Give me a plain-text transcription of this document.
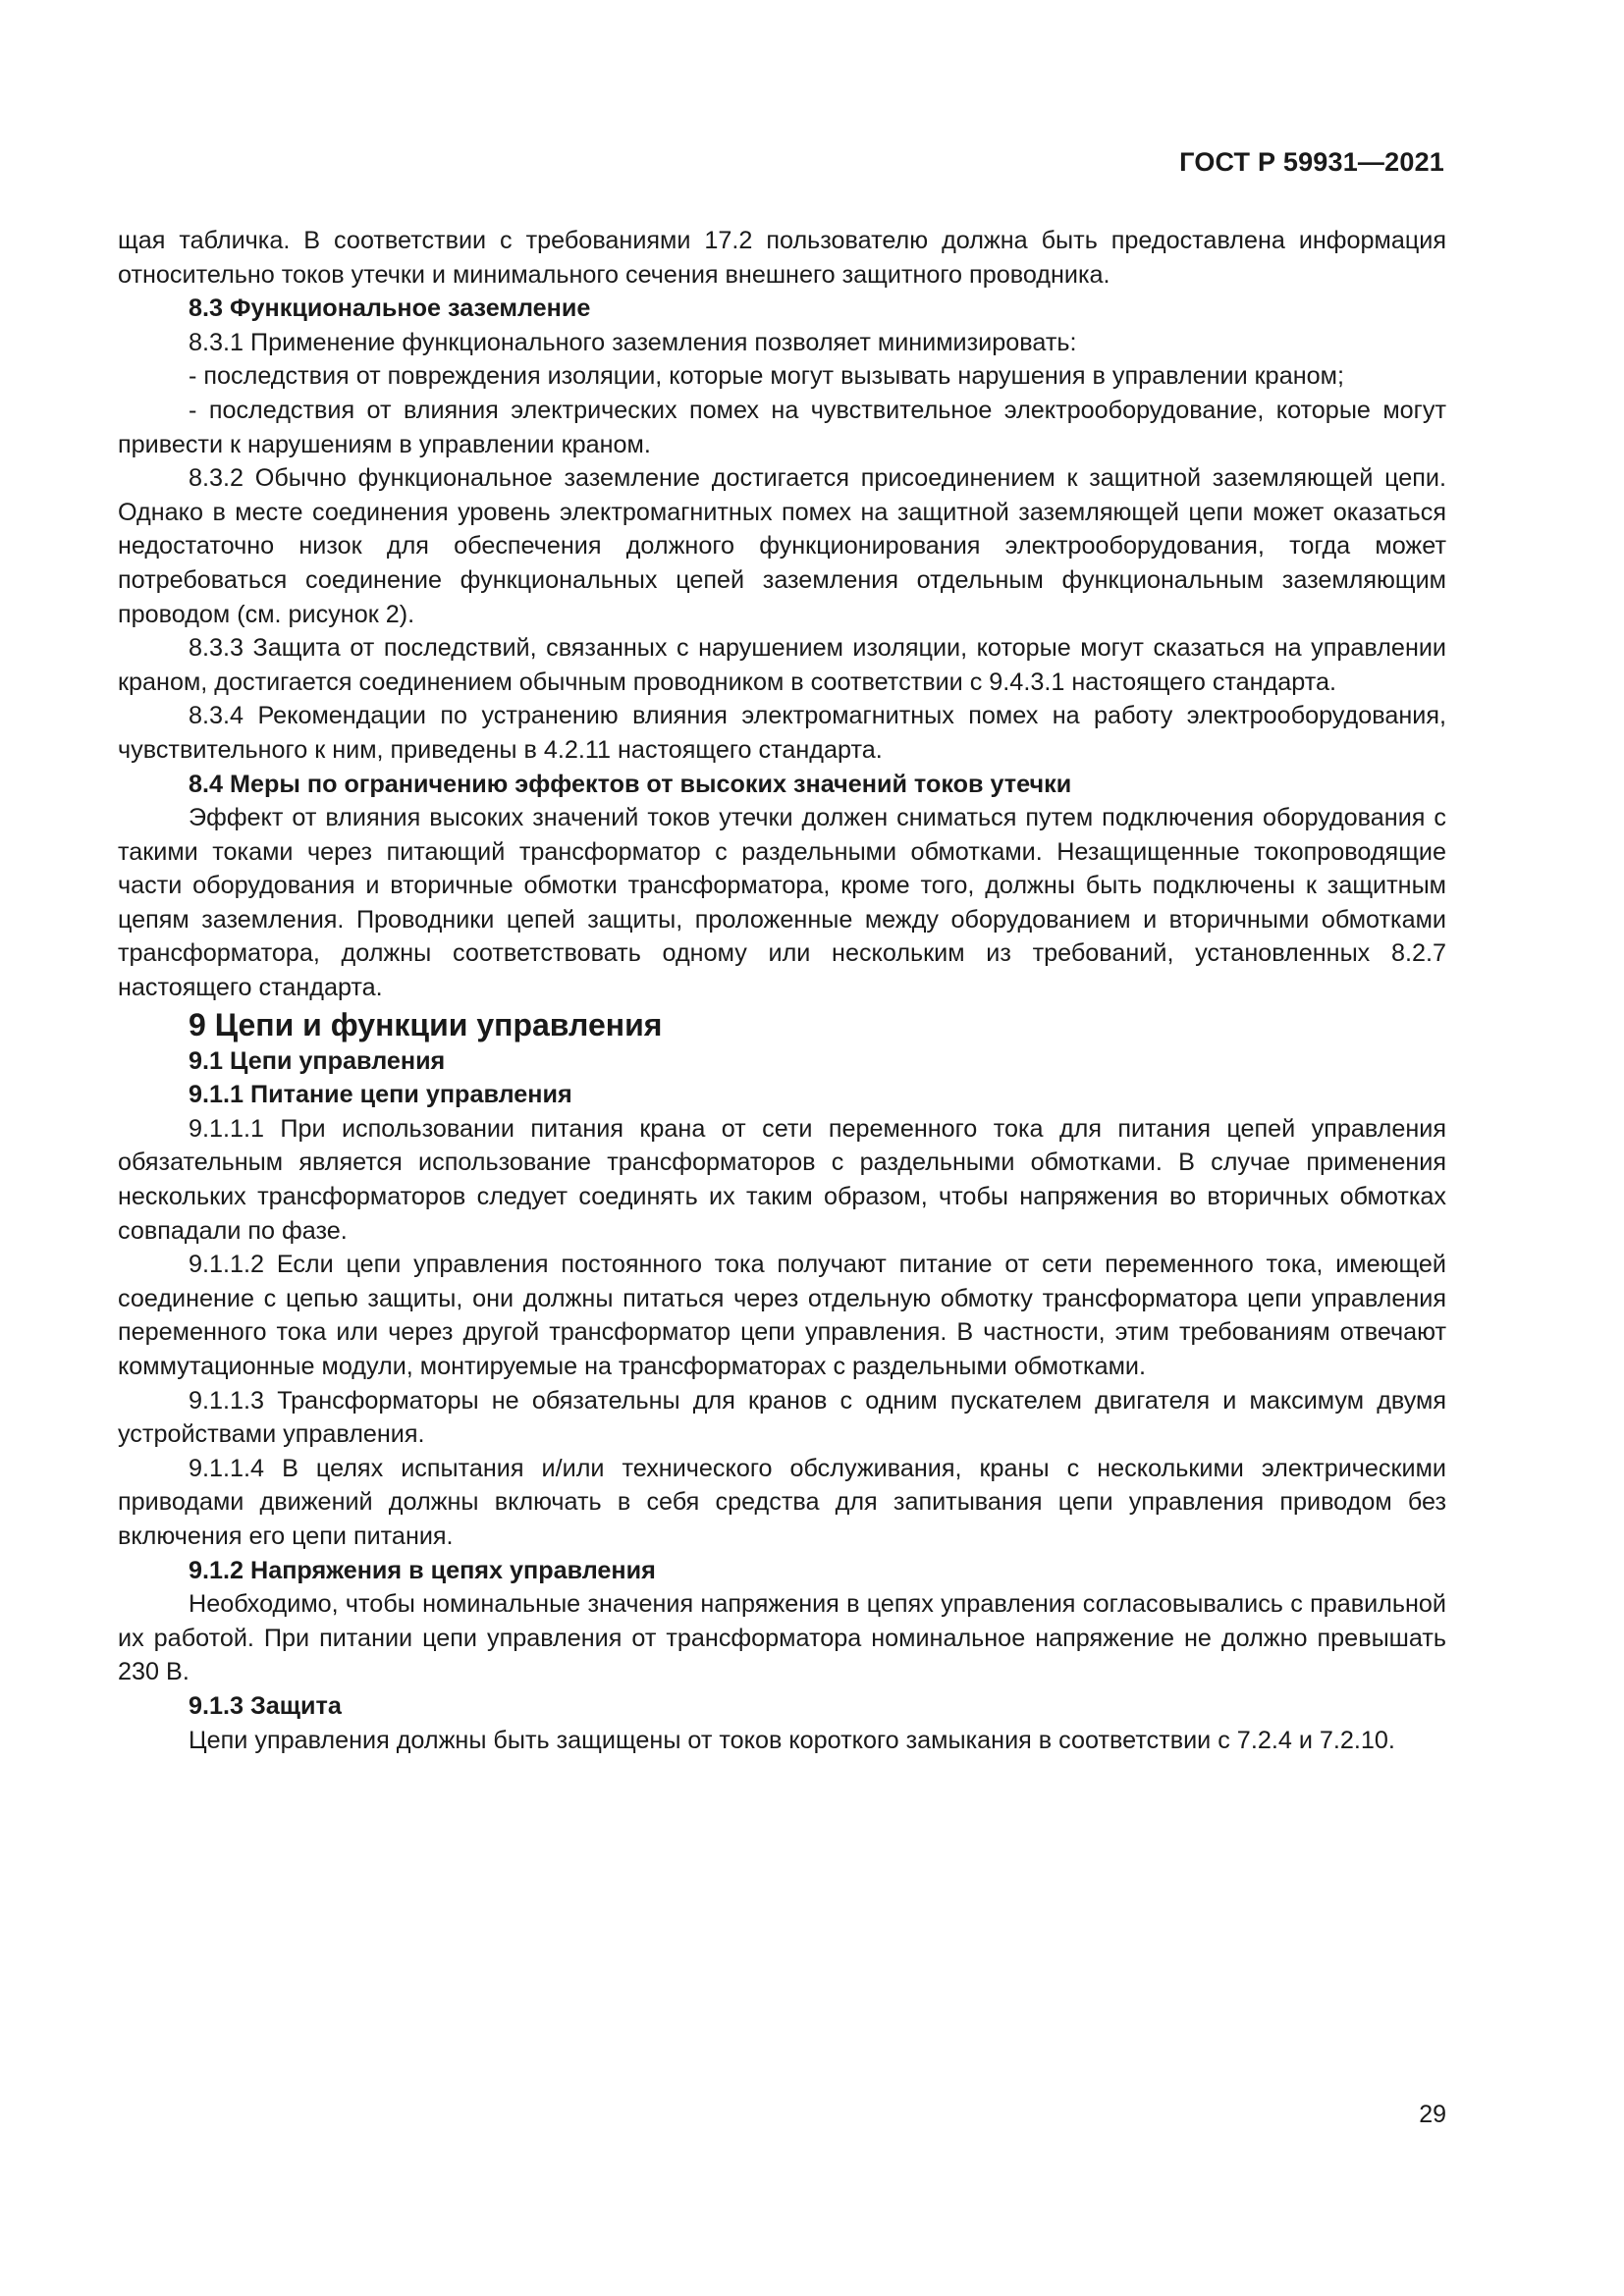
ГОСТ Р 59931—2021

щая табличка. В соответствии с требованиями 17.2 пользователю должна быть предоставлена информация относительно токов утечки и минимального сечения внешнего защитного проводника.

8.3 Функциональное заземление

8.3.1 Применение функционального заземления позволяет минимизировать:

- последствия от повреждения изоляции, которые могут вызывать нарушения в управлении краном;

- последствия от влияния электрических помех на чувствительное электрооборудование, которые могут привести к нарушениям в управлении краном.

8.3.2 Обычно функциональное заземление достигается присоединением к защитной заземляющей цепи. Однако в месте соединения уровень электромагнитных помех на защитной заземляющей цепи может оказаться недостаточно низок для обеспечения должного функционирования электрооборудования, тогда может потребоваться соединение функциональных цепей заземления отдельным функциональным заземляющим проводом (см. рисунок 2).

8.3.3 Защита от последствий, связанных с нарушением изоляции, которые могут сказаться на управлении краном, достигается соединением обычным проводником в соответствии с 9.4.3.1 настоящего стандарта.

8.3.4 Рекомендации по устранению влияния электромагнитных помех на работу электрооборудования, чувствительного к ним, приведены в 4.2.11 настоящего стандарта.

8.4 Меры по ограничению эффектов от высоких значений токов утечки

Эффект от влияния высоких значений токов утечки должен сниматься путем подключения оборудования с такими токами через питающий трансформатор с раздельными обмотками. Незащищенные токопроводящие части оборудования и вторичные обмотки трансформатора, кроме того, должны быть подключены к защитным цепям заземления. Проводники цепей защиты, проложенные между оборудованием и вторичными обмотками трансформатора, должны соответствовать одному или нескольким из требований, установленных 8.2.7 настоящего стандарта.

9 Цепи и функции управления

9.1 Цепи управления

9.1.1 Питание цепи управления

9.1.1.1 При использовании питания крана от сети переменного тока для питания цепей управления обязательным является использование трансформаторов с раздельными обмотками. В случае применения нескольких трансформаторов следует соединять их таким образом, чтобы напряжения во вторичных обмотках совпадали по фазе.

9.1.1.2 Если цепи управления постоянного тока получают питание от сети переменного тока, имеющей соединение с цепью защиты, они должны питаться через отдельную обмотку трансформатора цепи управления переменного тока или через другой трансформатор цепи управления. В частности, этим требованиям отвечают коммутационные модули, монтируемые на трансформаторах с раздельными обмотками.

9.1.1.3 Трансформаторы не обязательны для кранов с одним пускателем двигателя и максимум двумя устройствами управления.

9.1.1.4 В целях испытания и/или технического обслуживания, краны с несколькими электрическими приводами движений должны включать в себя средства для запитывания цепи управления приводом без включения его цепи питания.

9.1.2 Напряжения в цепях управления

Необходимо, чтобы номинальные значения напряжения в цепях управления согласовывались с правильной их работой. При питании цепи управления от трансформатора номинальное напряжение не должно превышать 230 В.

9.1.3 Защита

Цепи управления должны быть защищены от токов короткого замыкания в соответствии с 7.2.4 и 7.2.10.

29
